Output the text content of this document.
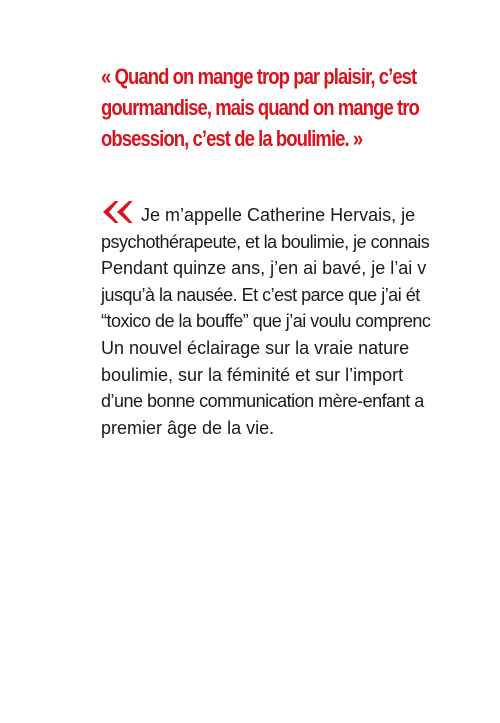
« Quand on mange trop par plaisir, c’est
gourmandise, mais quand on mange tro
obsession, c’est de la boulimie. »
Je m’appelle Catherine Hervais, je
psychothérapeute, et la boulimie, je connais
Pendant quinze ans, j’en ai bavé, je l’ai v
jusqu’à la nausée. Et c’est parce que j’ai ét
“toxico de la bouffe” que j’ai voulu comprenc
Un nouvel éclairage sur la vraie nature
boulimie, sur la féminité et sur l’import
d’une bonne communication mère-enfant a
premier âge de la vie.
